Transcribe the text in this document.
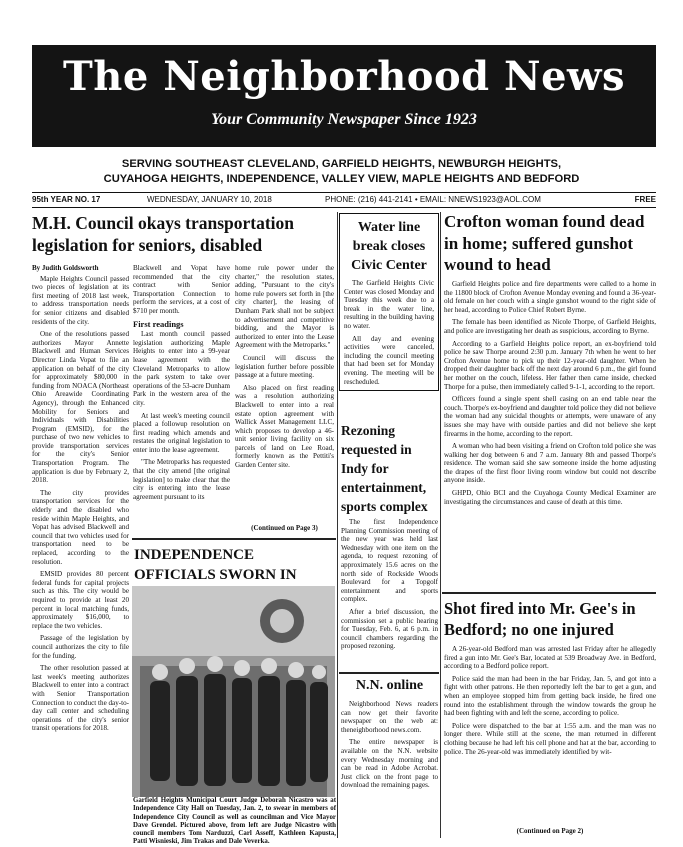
The Neighborhood News
Your Community Newspaper Since 1923
SERVING SOUTHEAST CLEVELAND, GARFIELD HEIGHTS, NEWBURGH HEIGHTS,
CUYAHOGA HEIGHTS, INDEPENDENCE, VALLEY VIEW, MAPLE HEIGHTS AND BEDFORD
95th YEAR NO. 17	WEDNESDAY, JANUARY 10, 2018	PHONE: (216) 441-2141 • EMAIL: NNEWS1923@AOL.COM	FREE
M.H. Council okays transportation legislation for seniors, disabled
By Judith Goldsworth

Maple Heights Council passed two pieces of legislation at its first meeting of 2018 last week, to address transportation needs for senior citizens and disabled residents of the city.

One of the resolutions passed authorizes Mayor Annette Blackwell and Human Services Director Linda Vopat to file an application on behalf of the city for approximately $80,000 in funding from NOACA (Northeast Ohio Areawide Coordinating Agency), through the Enhanced Mobility for Seniors and Individuals with Disabilities Program (EMSID), for the purchase of two new vehicles to provide transportation services for the city's Senior Transportation Program. The application is due by February 2, 2018.

The city provides transportation services for the elderly and the disabled who reside within Maple Heights, and Vopat has advised Blackwell and council that two vehicles used for transportation need to be replaced, according to the resolution.

EMSID provides 80 percent federal funds for capital projects such as this. The city would be required to provide at least 20 percent in local matching funds, approximately $16,000, to replace the two vehicles.

Passage of the legislation by council authorizes the city to file for the funding.

The other resolution passed at last week's meeting authorizes Blackwell to enter into a contract with Senior Transportation Connection to conduct the day-to-day call center and scheduling operations of the city's senior transit operations for 2018.

Blackwell and Vopat have recommended that the city contract with Senior Transportation Connection to perform the services, at a cost of $710 per month.

First readings

Last month council passed legislation authorizing Maple Heights to enter into a 99-year lease agreement with the Cleveland Metroparks to allow the park system to take over operations of the 53-acre Dunham Park in the western area of the city.

At last week's meeting council placed a followup resolution on first reading which amends and restates the original legislation to enter into the lease agreement.

"The Metroparks has requested that the city amend [the original legislation] to make clear that the city is entering into the lease agreement pursuant to its

home rule power under the charter," the resolution states, adding, "Pursuant to the city's home rule powers set forth in [the city charter], the leasing of Dunham Park shall not be subject to advertisement and competitive bidding, and the Mayor is authorized to enter into the Lease Agreement with the Metroparks."

Council will discuss the legislation further before possible passage at a future meeting.

Also placed on first reading was a resolution authorizing Blackwell to enter into a real estate option agreement with Wallick Asset Management LLC, which proposes to develop a 46-unit senior living facility on six parcels of land on Lee Road, formerly known as the Pettiti's Garden Center site.

(Continued on Page 3)
INDEPENDENCE OFFICIALS SWORN IN
Garfield Heights Municipal Court Judge Deborah Nicastro was at Independence City Hall on Tuesday, Jan. 2, to swear in members of Independence City Council as well as councilman and Vice Mayor Dave Grendel. Pictured above, from left are Judge Nicastro with council members Tom Narduzzi, Carl Asseff, Kathleen Kapusta, Patti Wisnieski, Jim Trakas and Dale Veverka.
Water line break closes Civic Center

The Garfield Heights Civic Center was closed Monday and Tuesday this week due to a break in the water line, resulting in the building having no water.

All day and evening activities were canceled, including the council meeting that had been set for Monday evening. The meeting will be rescheduled.

Rezoning requested in Indy for entertainment, sports complex

The first Independence Planning Commission meeting of the new year was held last Wednesday with one item on the agenda, to request rezoning of approximately 15.6 acres on the north side of Rockside Woods Boulevard for a Topgolf entertainment and sports complex.

After a brief discussion, the commission set a public hearing for Tuesday, Feb. 6, at 6 p.m. in council chambers regarding the proposed rezoning.

N.N. online

Neighborhood News readers can now get their favorite newspaper on the web at: theneighborhood news.com.

The entire newspaper is available on the N.N. website every Wednesday morning and can be read in Adobe Acrobat. Just click on the front page to download the remaining pages.

Crofton woman found dead in home; suffered gunshot wound to head

Garfield Heights police and fire departments were called to a home in the 11800 block of Crofton Avenue Monday evening and found a 36-year-old female on her couch with a single gunshot wound to the right side of her head, according to Police Chief Robert Byrne.

The female has been identified as Nicole Thorpe, of Garfield Heights, and police are investigating her death as suspicious, according to Byrne.

According to a Garfield Heights police report, an ex-boyfriend told police he saw Thorpe around 2:30 p.m. January 7th when he went to her Crofton Avenue home to pick up their 12-year-old daughter. When he dropped their daughter back off the next day around 6 p.m., the girl found her mother on the couch, lifeless. Her father then came inside, checked Thorpe for a pulse, then immediately called 9-1-1, according to the report.

Officers found a single spent shell casing on an end table near the couch. Thorpe's ex-boyfriend and daughter told police they did not believe the woman had any suicidal thoughts or attempts, were unaware of any issues she may have with outside parties and did not believe she kept firearms in the home, according to the report.

A woman who had been visiting a friend on Crofton told police she was walking her dog between 6 and 7 a.m. January 8th and passed Thorpe's residence. The woman said she saw someone inside the home adjusting the drapes of the first floor living room window but could not describe anyone inside.

GHPD, Ohio BCI and the Cuyahoga County Medical Examiner are investigating the circumstances and cause of death at this time.

Shot fired into Mr. Gee's in Bedford; no one injured

A 26-year-old Bedford man was arrested last Friday after he allegedly fired a gun into Mr. Gee's Bar, located at 539 Broadway Ave. in Bedford, according to a Bedford police report.

Police said the man had been in the bar Friday, Jan. 5, and got into a fight with other patrons. He then reportedly left the bar to get a gun, and when an employee stopped him from getting back inside, he fired one round into the establishment through the window towards the group he had been fighting with and left the scene, according to police.

Police were dispatched to the bar at 1:55 a.m. and the man was no longer there. While still at the scene, the man returned in different clothing because he had left his cell phone and hat at the bar, according to police. The 26-year-old was immediately identified by wit-

(Continued on Page 2)
